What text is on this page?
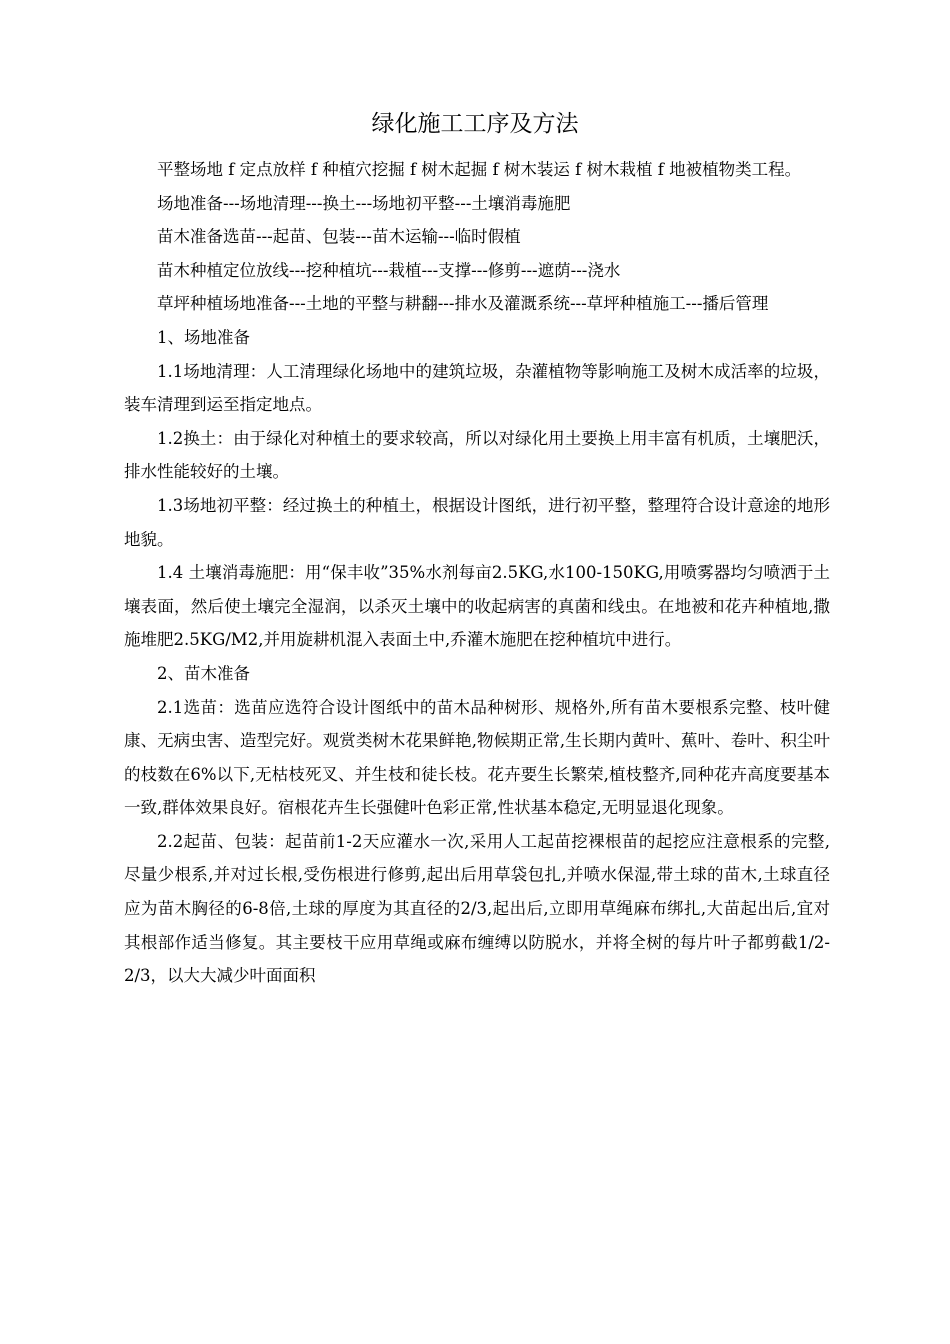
绿化施工工序及方法

平整场地 f 定点放样 f 种植穴挖掘 f 树木起掘 f 树木装运 f 树木栽植 f 地被植物类工程。

场地准备---场地清理---换土---场地初平整---土壤消毒施肥

苗木准备选苗---起苗、包装---苗木运输---临时假植

苗木种植定位放线---挖种植坑---栽植---支撑---修剪---遮荫---浇水

草坪种植场地准备---土地的平整与耕翻---排水及灌溉系统---草坪种植施工---播后管理

1、场地准备

1.1场地清理：人工清理绿化场地中的建筑垃圾，杂灌植物等影响施工及树木成活率的垃圾，装车清理到运至指定地点。

1.2换土：由于绿化对种植土的要求较高，所以对绿化用土要换上用丰富有机质，土壤肥沃，排水性能较好的土壤。

1.3场地初平整：经过换土的种植土，根据设计图纸，进行初平整，整理符合设计意途的地形地貌。

1.4 土壤消毒施肥：用“保丰收”35%水剂每亩2.5KG,水100-150KG,用喷雾器均匀喷洒于土壤表面，然后使土壤完全湿润，以杀灭土壤中的收起病害的真菌和线虫。在地被和花卉种植地,撒施堆肥2.5KG/M2,并用旋耕机混入表面土中,乔灌木施肥在挖种植坑中进行。

2、苗木准备

2.1选苗：选苗应选符合设计图纸中的苗木品种树形、规格外,所有苗木要根系完整、枝叶健康、无病虫害、造型完好。观赏类树木花果鲜艳,物候期正常,生长期内黄叶、蕉叶、卷叶、积尘叶的枝数在6%以下,无枯枝死叉、并生枝和徒长枝。花卉要生长繁荣,植枝整齐,同种花卉高度要基本一致,群体效果良好。宿根花卉生长强健叶色彩正常,性状基本稳定,无明显退化现象。

2.2起苗、包装：起苗前1-2天应灌水一次,采用人工起苗挖裸根苗的起挖应注意根系的完整,尽量少根系,并对过长根,受伤根进行修剪,起出后用草袋包扎,并喷水保湿,带土球的苗木,土球直径应为苗木胸径的6-8倍,土球的厚度为其直径的2/3,起出后,立即用草绳麻布绑扎,大苗起出后,宜对其根部作适当修复。其主要枝干应用草绳或麻布缠缚以防脱水，并将全树的每片叶子都剪截1/2-2/3，以大大减少叶面面积
